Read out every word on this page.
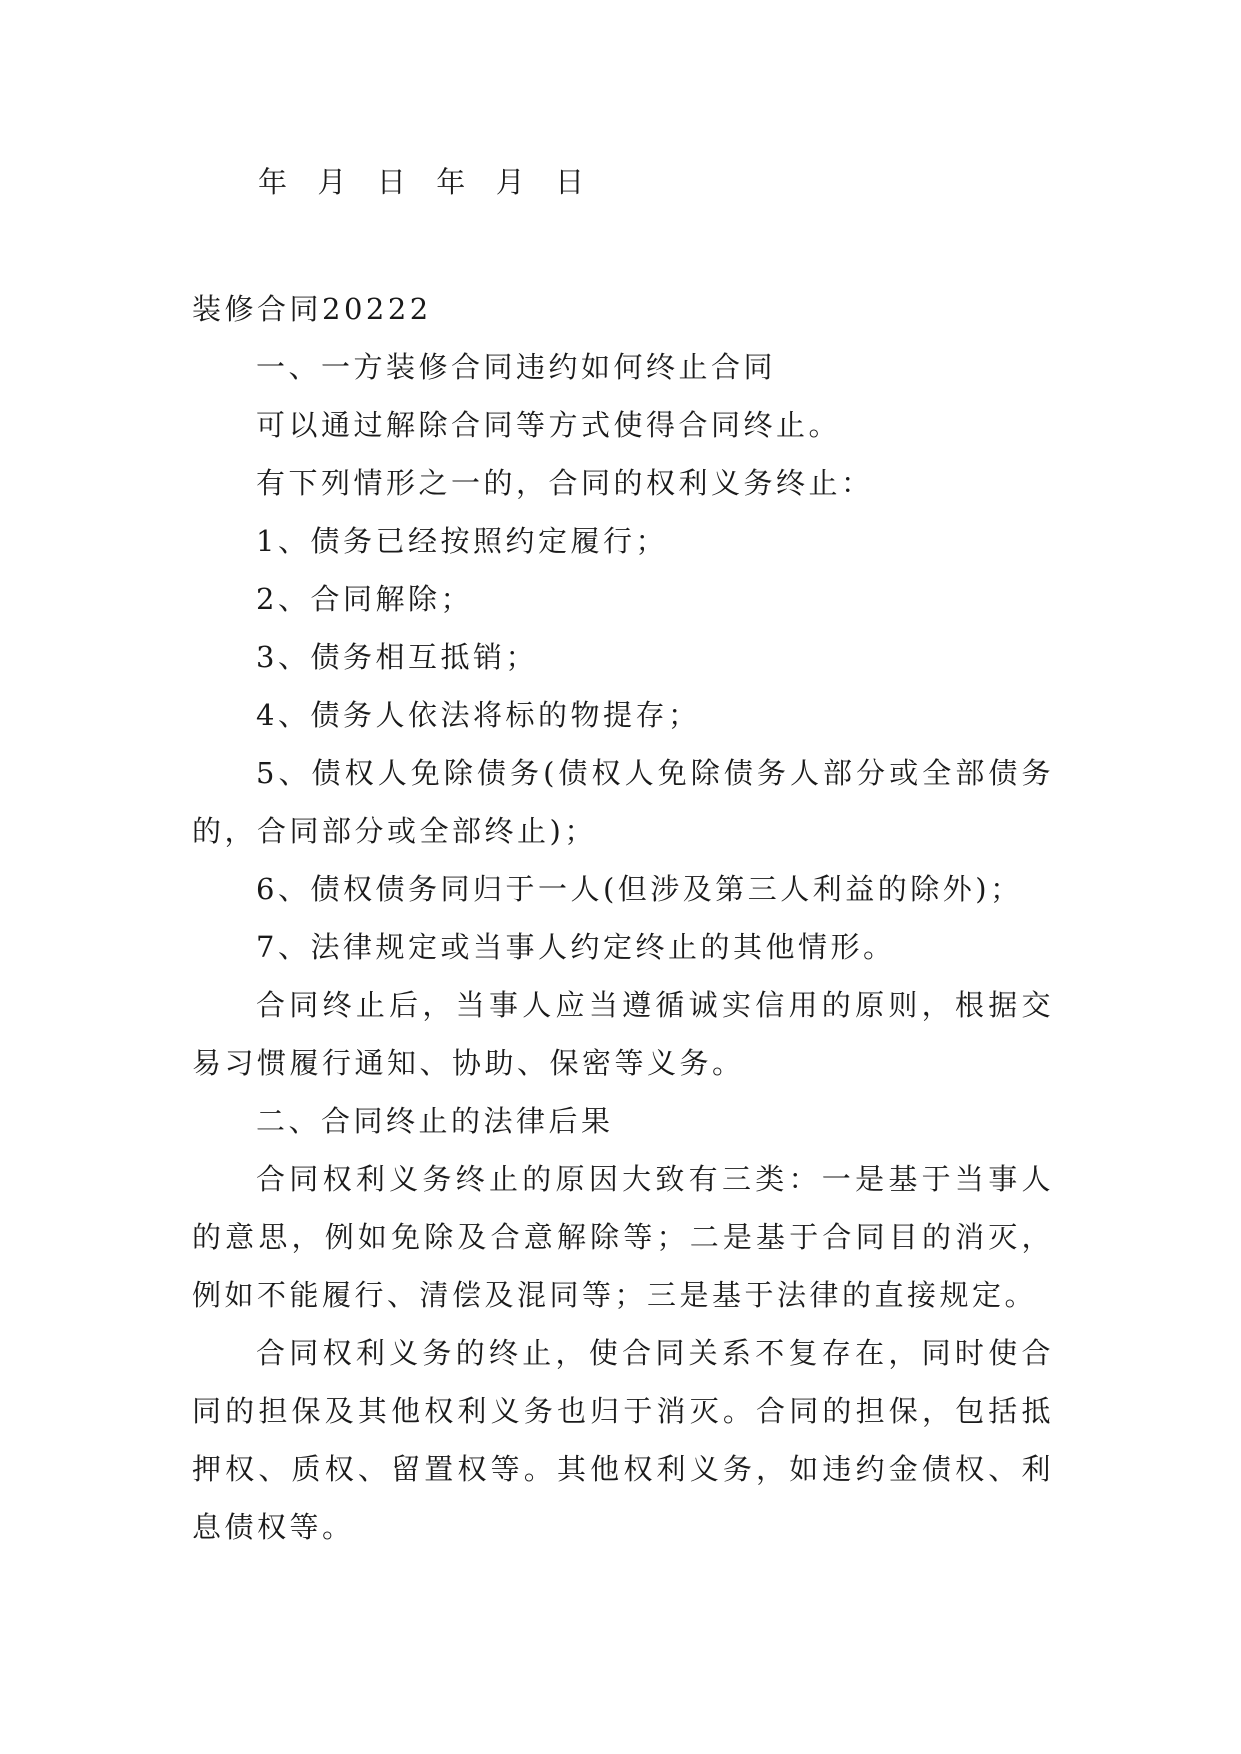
年  月  日  年  月  日

装修合同20222

一、一方装修合同违约如何终止合同

可以通过解除合同等方式使得合同终止。

有下列情形之一的，合同的权利义务终止：

1、债务已经按照约定履行；

2、合同解除；

3、债务相互抵销；

4、债务人依法将标的物提存；

5、债权人免除债务(债权人免除债务人部分或全部债务的，合同部分或全部终止)；

6、债权债务同归于一人(但涉及第三人利益的除外)；

7、法律规定或当事人约定终止的其他情形。

合同终止后，当事人应当遵循诚实信用的原则，根据交易习惯履行通知、协助、保密等义务。

二、合同终止的法律后果

合同权利义务终止的原因大致有三类：一是基于当事人的意思，例如免除及合意解除等；二是基于合同目的消灭，例如不能履行、清偿及混同等；三是基于法律的直接规定。

合同权利义务的终止，使合同关系不复存在，同时使合同的担保及其他权利义务也归于消灭。合同的担保，包括抵押权、质权、留置权等。其他权利义务，如违约金债权、利息债权等。
